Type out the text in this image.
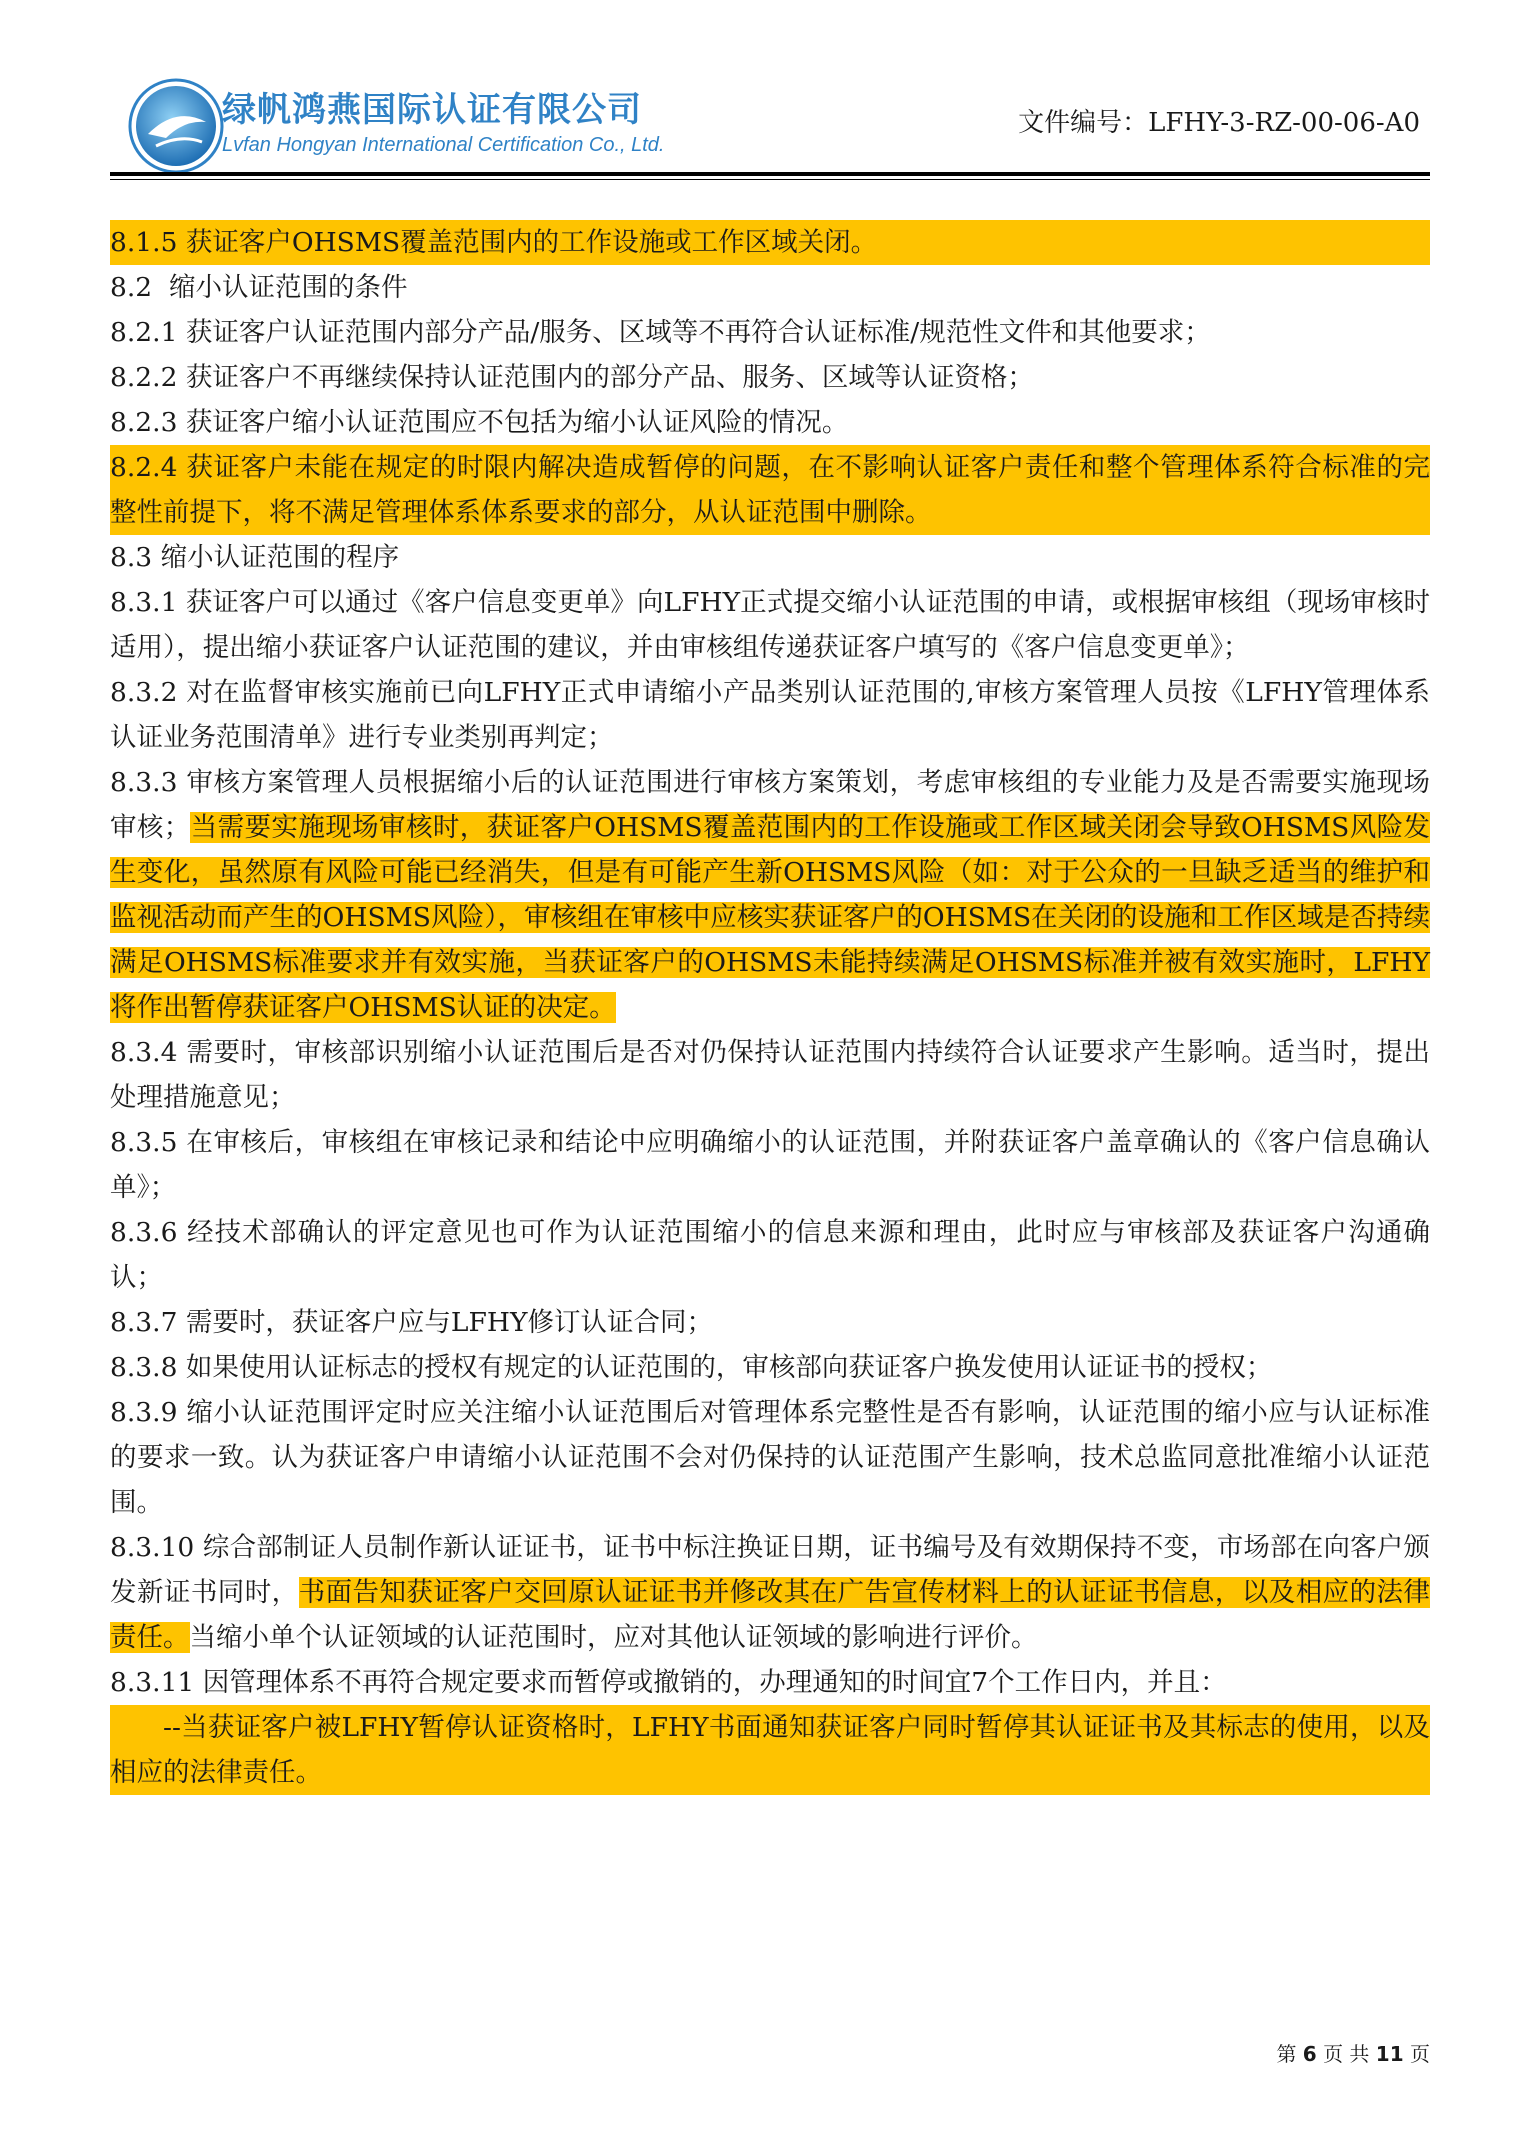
绿帆鸿燕国际认证有限公司
Lvfan Hongyan International Certification Co., Ltd.
文件编号：LFHY-3-RZ-00-06-A0

8.1.5 获证客户OHSMS覆盖范围内的工作设施或工作区域关闭。

8.2  缩小认证范围的条件

8.2.1 获证客户认证范围内部分产品/服务、区域等不再符合认证标准/规范性文件和其他要求；

8.2.2 获证客户不再继续保持认证范围内的部分产品、服务、区域等认证资格；

8.2.3 获证客户缩小认证范围应不包括为缩小认证风险的情况。

8.2.4 获证客户未能在规定的时限内解决造成暂停的问题，在不影响认证客户责任和整个管理体系符合标准的完整性前提下，将不满足管理体系体系要求的部分，从认证范围中删除。

8.3 缩小认证范围的程序

8.3.1 获证客户可以通过《客户信息变更单》向LFHY正式提交缩小认证范围的申请，或根据审核组（现场审核时适用），提出缩小获证客户认证范围的建议，并由审核组传递获证客户填写的《客户信息变更单》；

8.3.2 对在监督审核实施前已向LFHY正式申请缩小产品类别认证范围的,审核方案管理人员按《LFHY管理体系认证业务范围清单》进行专业类别再判定；

8.3.3 审核方案管理人员根据缩小后的认证范围进行审核方案策划，考虑审核组的专业能力及是否需要实施现场审核；当需要实施现场审核时，获证客户OHSMS覆盖范围内的工作设施或工作区域关闭会导致OHSMS风险发生变化，虽然原有风险可能已经消失，但是有可能产生新OHSMS风险（如：对于公众的一旦缺乏适当的维护和监视活动而产生的OHSMS风险），审核组在审核中应核实获证客户的OHSMS在关闭的设施和工作区域是否持续满足OHSMS标准要求并有效实施，当获证客户的OHSMS未能持续满足OHSMS标准并被有效实施时，LFHY将作出暂停获证客户OHSMS认证的决定。

8.3.4 需要时，审核部识别缩小认证范围后是否对仍保持认证范围内持续符合认证要求产生影响。适当时，提出处理措施意见；

8.3.5 在审核后，审核组在审核记录和结论中应明确缩小的认证范围，并附获证客户盖章确认的《客户信息确认单》；

8.3.6 经技术部确认的评定意见也可作为认证范围缩小的信息来源和理由，此时应与审核部及获证客户沟通确认；

8.3.7 需要时，获证客户应与LFHY修订认证合同；

8.3.8 如果使用认证标志的授权有规定的认证范围的，审核部向获证客户换发使用认证证书的授权；

8.3.9 缩小认证范围评定时应关注缩小认证范围后对管理体系完整性是否有影响，认证范围的缩小应与认证标准的要求一致。认为获证客户申请缩小认证范围不会对仍保持的认证范围产生影响，技术总监同意批准缩小认证范围。

8.3.10 综合部制证人员制作新认证证书，证书中标注换证日期，证书编号及有效期保持不变，市场部在向客户颁发新证书同时，书面告知获证客户交回原认证证书并修改其在广告宣传材料上的认证证书信息，以及相应的法律责任。当缩小单个认证领域的认证范围时，应对其他认证领域的影响进行评价。

8.3.11 因管理体系不再符合规定要求而暂停或撤销的，办理通知的时间宜7个工作日内，并且：

--当获证客户被LFHY暂停认证资格时，LFHY书面通知获证客户同时暂停其认证证书及其标志的使用，以及相应的法律责任。

第 6 页 共 11 页
